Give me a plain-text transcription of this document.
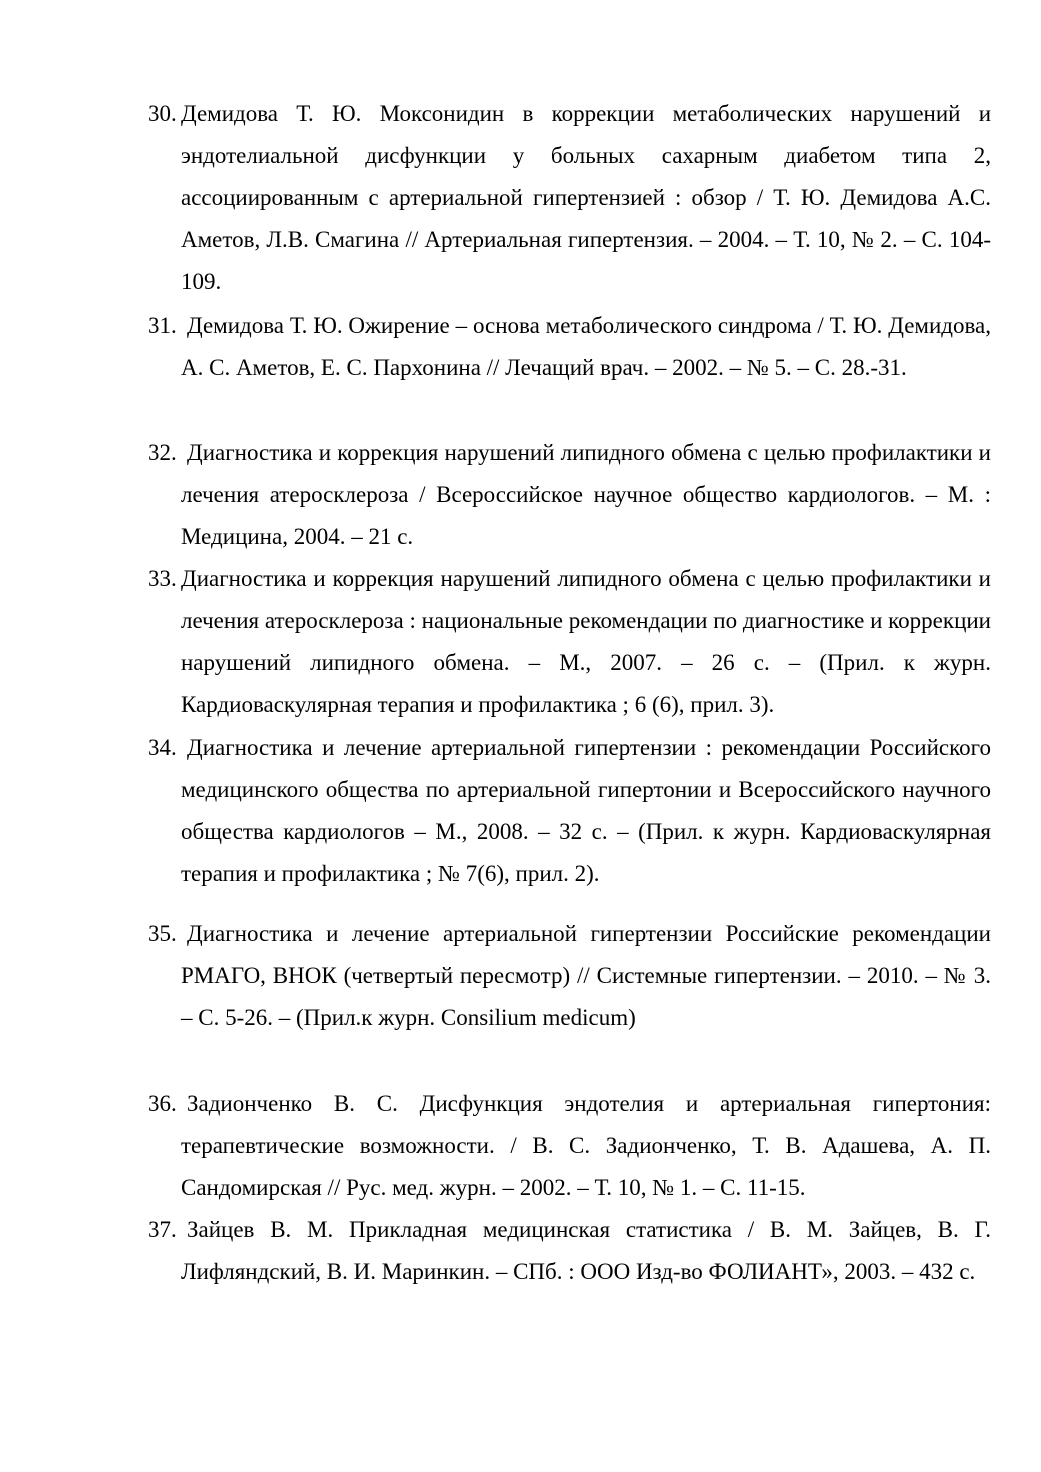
30. Демидова Т. Ю. Моксонидин в коррекции метаболических нарушений и эндотелиальной дисфункции у больных сахарным диабетом типа 2, ассоциированным с артериальной гипертензией : обзор / Т. Ю. Демидова А.С. Аметов, Л.В. Смагина // Артериальная гипертензия. – 2004. – Т. 10, № 2. – С. 104-109.
31. Демидова Т. Ю. Ожирение – основа метаболического синдрома / Т. Ю. Демидова, А. С. Аметов, Е. С. Пархонина // Лечащий врач. – 2002. – № 5. – С. 28.-31.
32. Диагностика и коррекция нарушений липидного обмена с целью профилактики и лечения атеросклероза / Всероссийское научное общество кардиологов. – М. : Медицина, 2004. – 21 с.
33. Диагностика и коррекция нарушений липидного обмена с целью профилактики и лечения атеросклероза : национальные рекомендации по диагностике и коррекции нарушений липидного обмена. – М., 2007. – 26 с. – (Прил. к журн. Кардиоваскулярная терапия и профилактика ; 6 (6), прил. 3).
34. Диагностика и лечение артериальной гипертензии : рекомендации Российского медицинского общества по артериальной гипертонии и Всероссийского научного общества кардиологов – М., 2008. – 32 с. – (Прил. к журн. Кардиоваскулярная терапия и профилактика ; № 7(6), прил. 2).
35. Диагностика и лечение артериальной гипертензии Российские рекомендации РМАГО, ВНОК (четвертый пересмотр) // Системные гипертензии. – 2010. – № 3. – С. 5-26. – (Прил.к журн. Consilium medicum)
36. Задионченко В. С. Дисфункция эндотелия и артериальная гипертония: терапевтические возможности. / В. С. Задионченко, Т. В. Адашева, А. П. Сандомирская // Рус. мед. журн. – 2002. – Т. 10, № 1. – С. 11-15.
37. Зайцев В. М. Прикладная медицинская статистика / В. М. Зайцев, В. Г. Лифляндский, В. И. Маринкин. – СПб. : ООО Изд-во ФОЛИАНТ», 2003. – 432 с.
